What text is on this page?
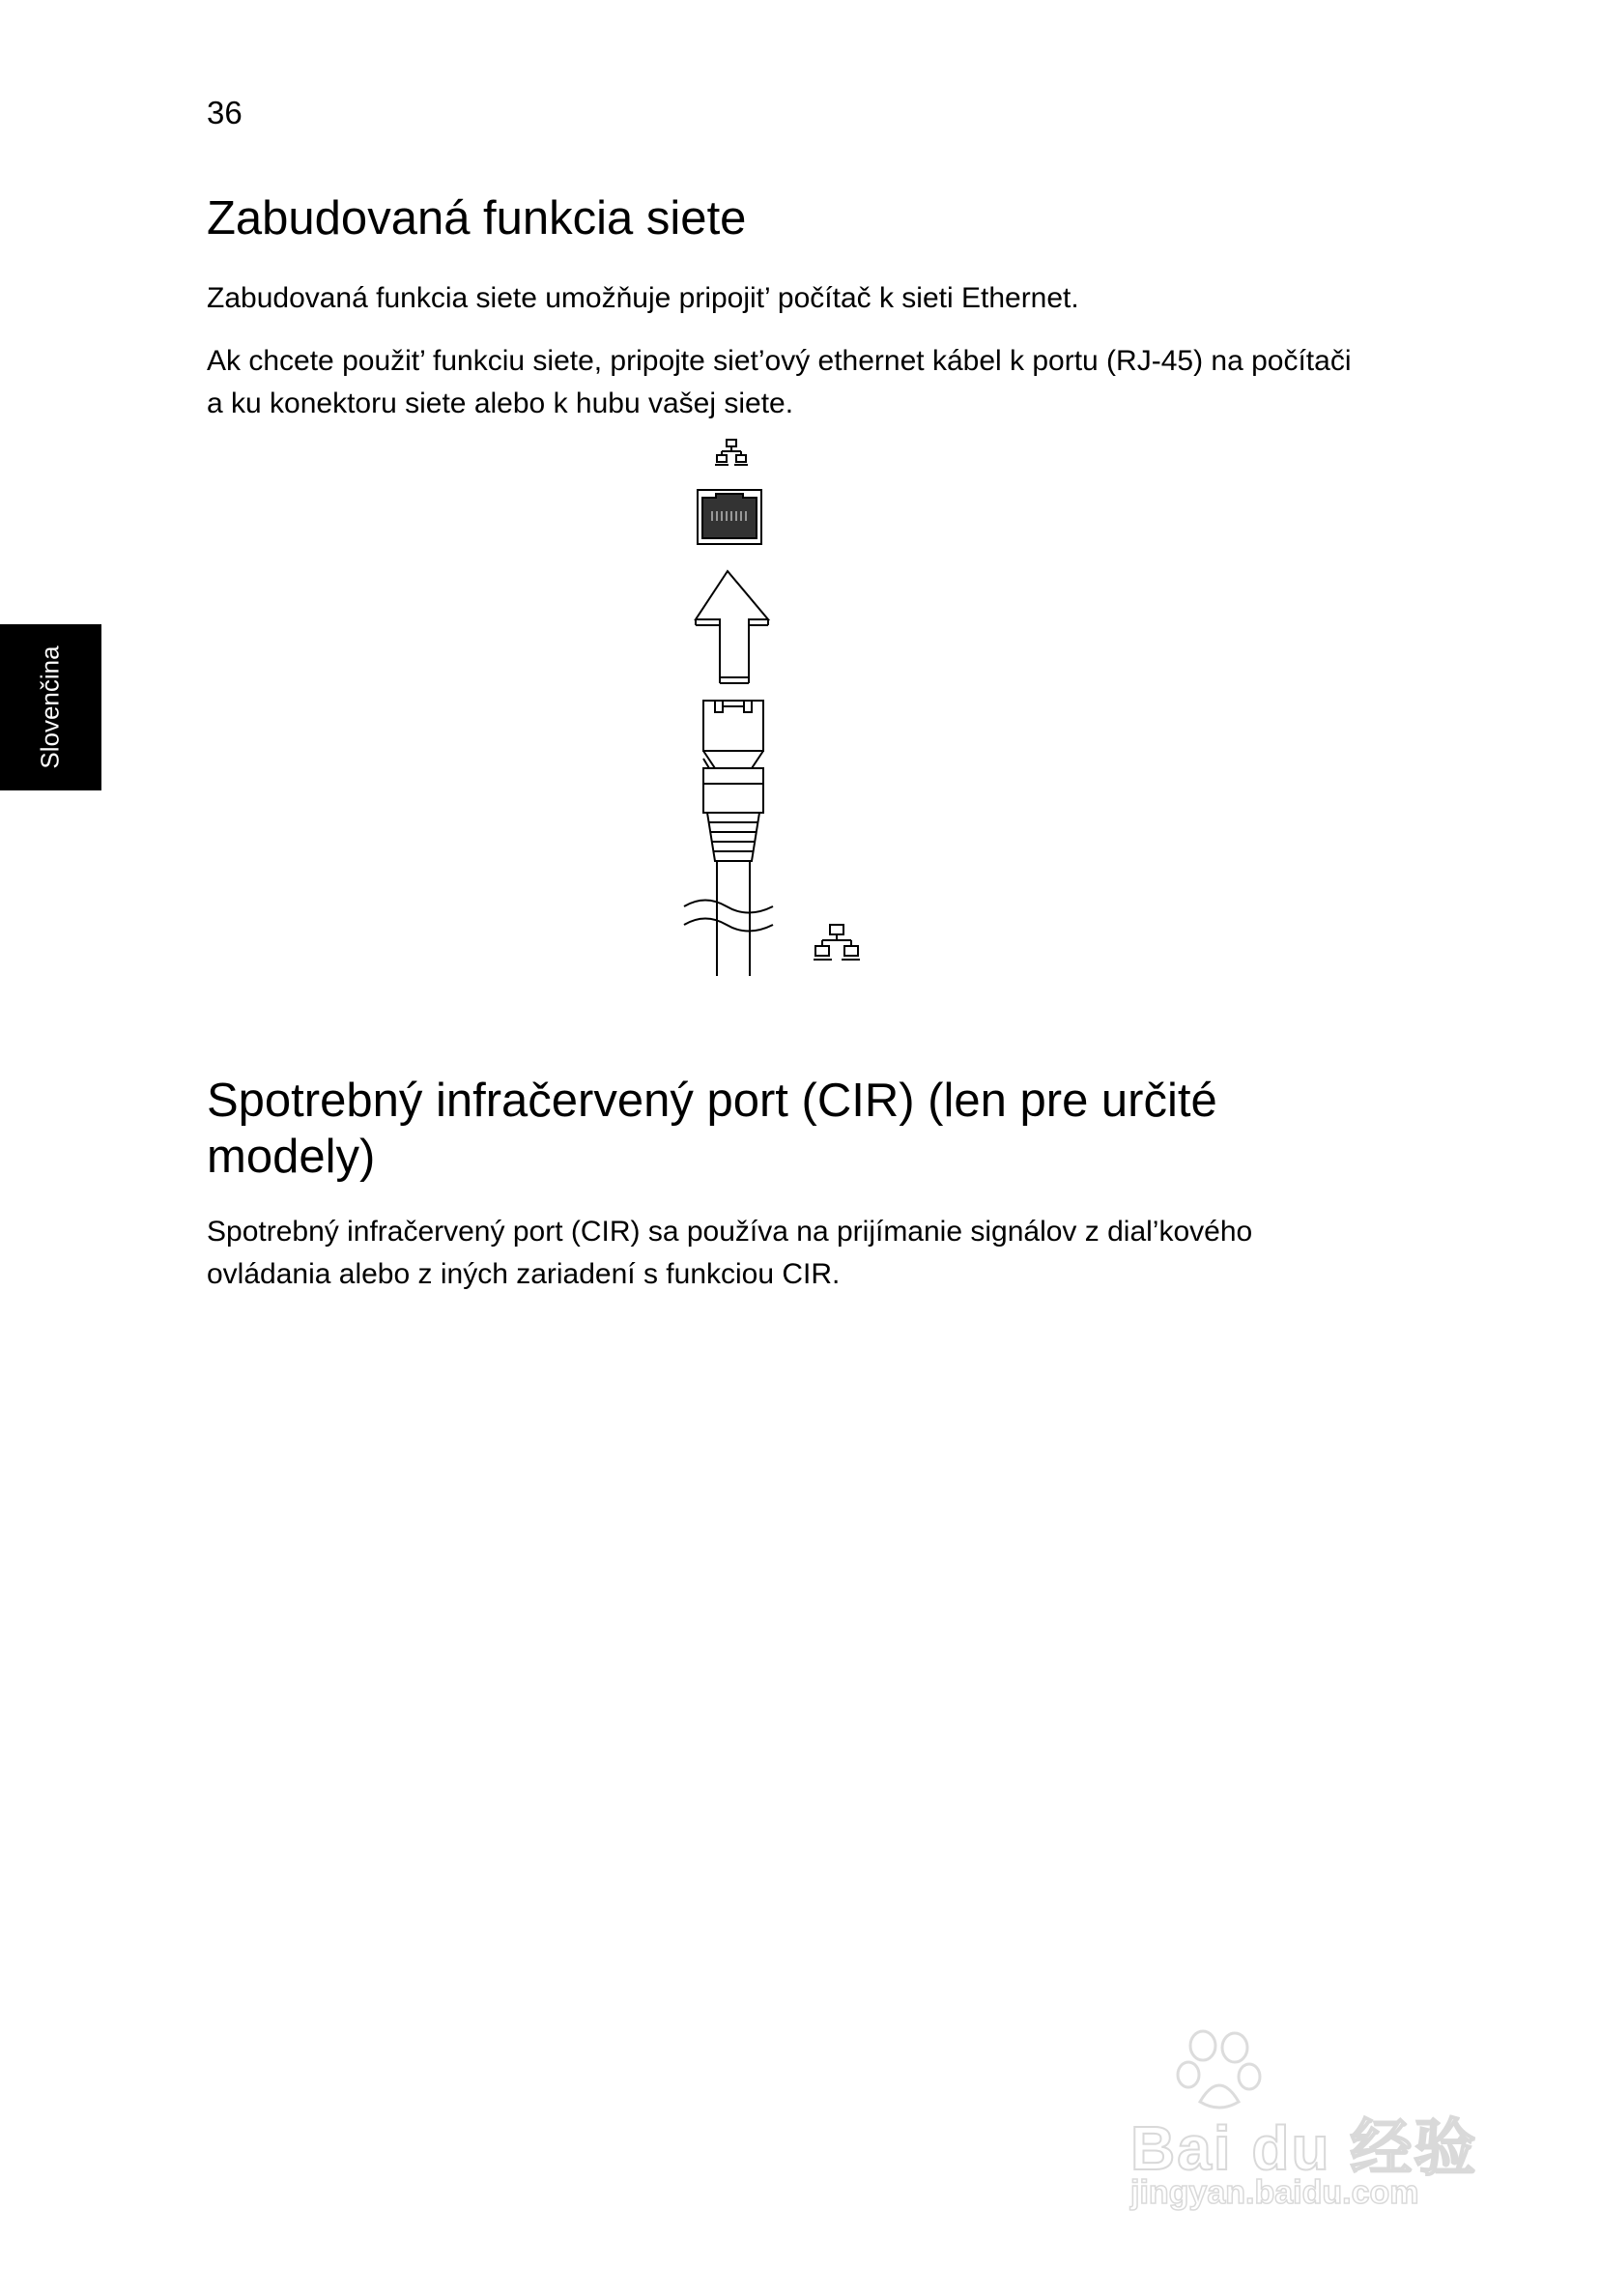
36
Slovenčina
Zabudovaná funkcia siete

Zabudovaná funkcia siete umožňuje pripojit’ počítač k sieti Ethernet.

Ak chcete použit’ funkciu siete, pripojte siet’ový ethernet kábel k portu (RJ-45) na počítači a ku konektoru siete alebo k hubu vašej siete.

Spotrebný infračervený port (CIR) (len pre určité modely)

Spotrebný infračervený port (CIR) sa používa na prijímanie signálov z dial’kového ovládania alebo z iných zariadení s funkciou CIR.

Bai du 经验
jingyan.baidu.com
